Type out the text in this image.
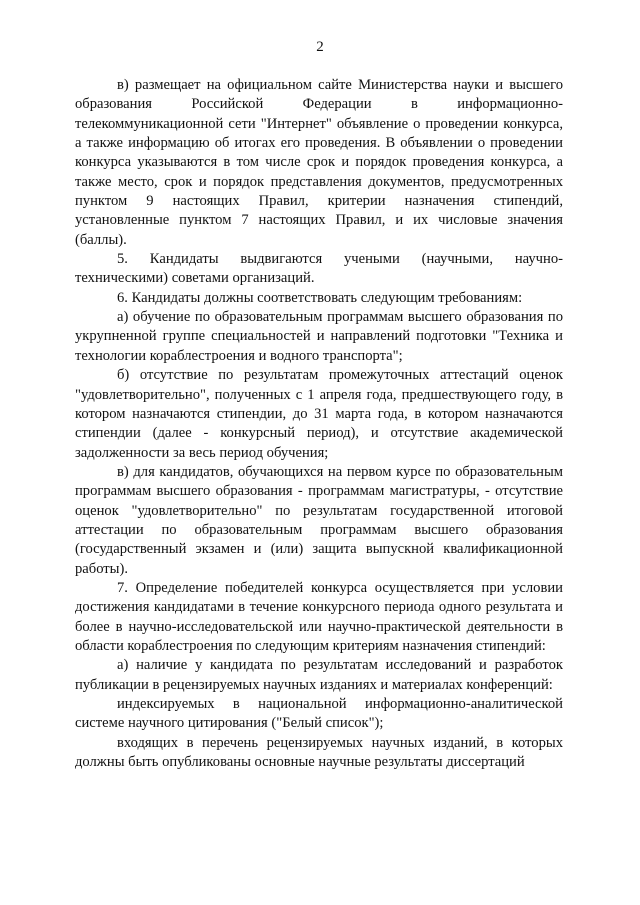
2

в) размещает на официальном сайте Министерства науки и высшего образования Российской Федерации в информационно-телекоммуникационной сети "Интернет" объявление о проведении конкурса, а также информацию об итогах его проведения. В объявлении о проведении конкурса указываются в том числе срок и порядок проведения конкурса, а также место, срок и порядок представления документов, предусмотренных пунктом 9 настоящих Правил, критерии назначения стипендий, установленные пунктом 7 настоящих Правил, и их числовые значения (баллы).

5. Кандидаты выдвигаются учеными (научными, научно-техническими) советами организаций.

6. Кандидаты должны соответствовать следующим требованиям:

а) обучение по образовательным программам высшего образования по укрупненной группе специальностей и направлений подготовки "Техника и технологии кораблестроения и водного транспорта";

б) отсутствие по результатам промежуточных аттестаций оценок "удовлетворительно", полученных с 1 апреля года, предшествующего году, в котором назначаются стипендии, до 31 марта года, в котором назначаются стипендии (далее - конкурсный период), и отсутствие академической задолженности за весь период обучения;

в) для кандидатов, обучающихся на первом курсе по образовательным программам высшего образования - программам магистратуры, - отсутствие оценок "удовлетворительно" по результатам государственной итоговой аттестации по образовательным программам высшего образования (государственный экзамен и (или) защита выпускной квалификационной работы).

7. Определение победителей конкурса осуществляется при условии достижения кандидатами в течение конкурсного периода одного результата и более в научно-исследовательской или научно-практической деятельности в области кораблестроения по следующим критериям назначения стипендий:

а) наличие у кандидата по результатам исследований и разработок публикации в рецензируемых научных изданиях и материалах конференций:

индексируемых в национальной информационно-аналитической системе научного цитирования ("Белый список");

входящих в перечень рецензируемых научных изданий, в которых должны быть опубликованы основные научные результаты диссертаций
